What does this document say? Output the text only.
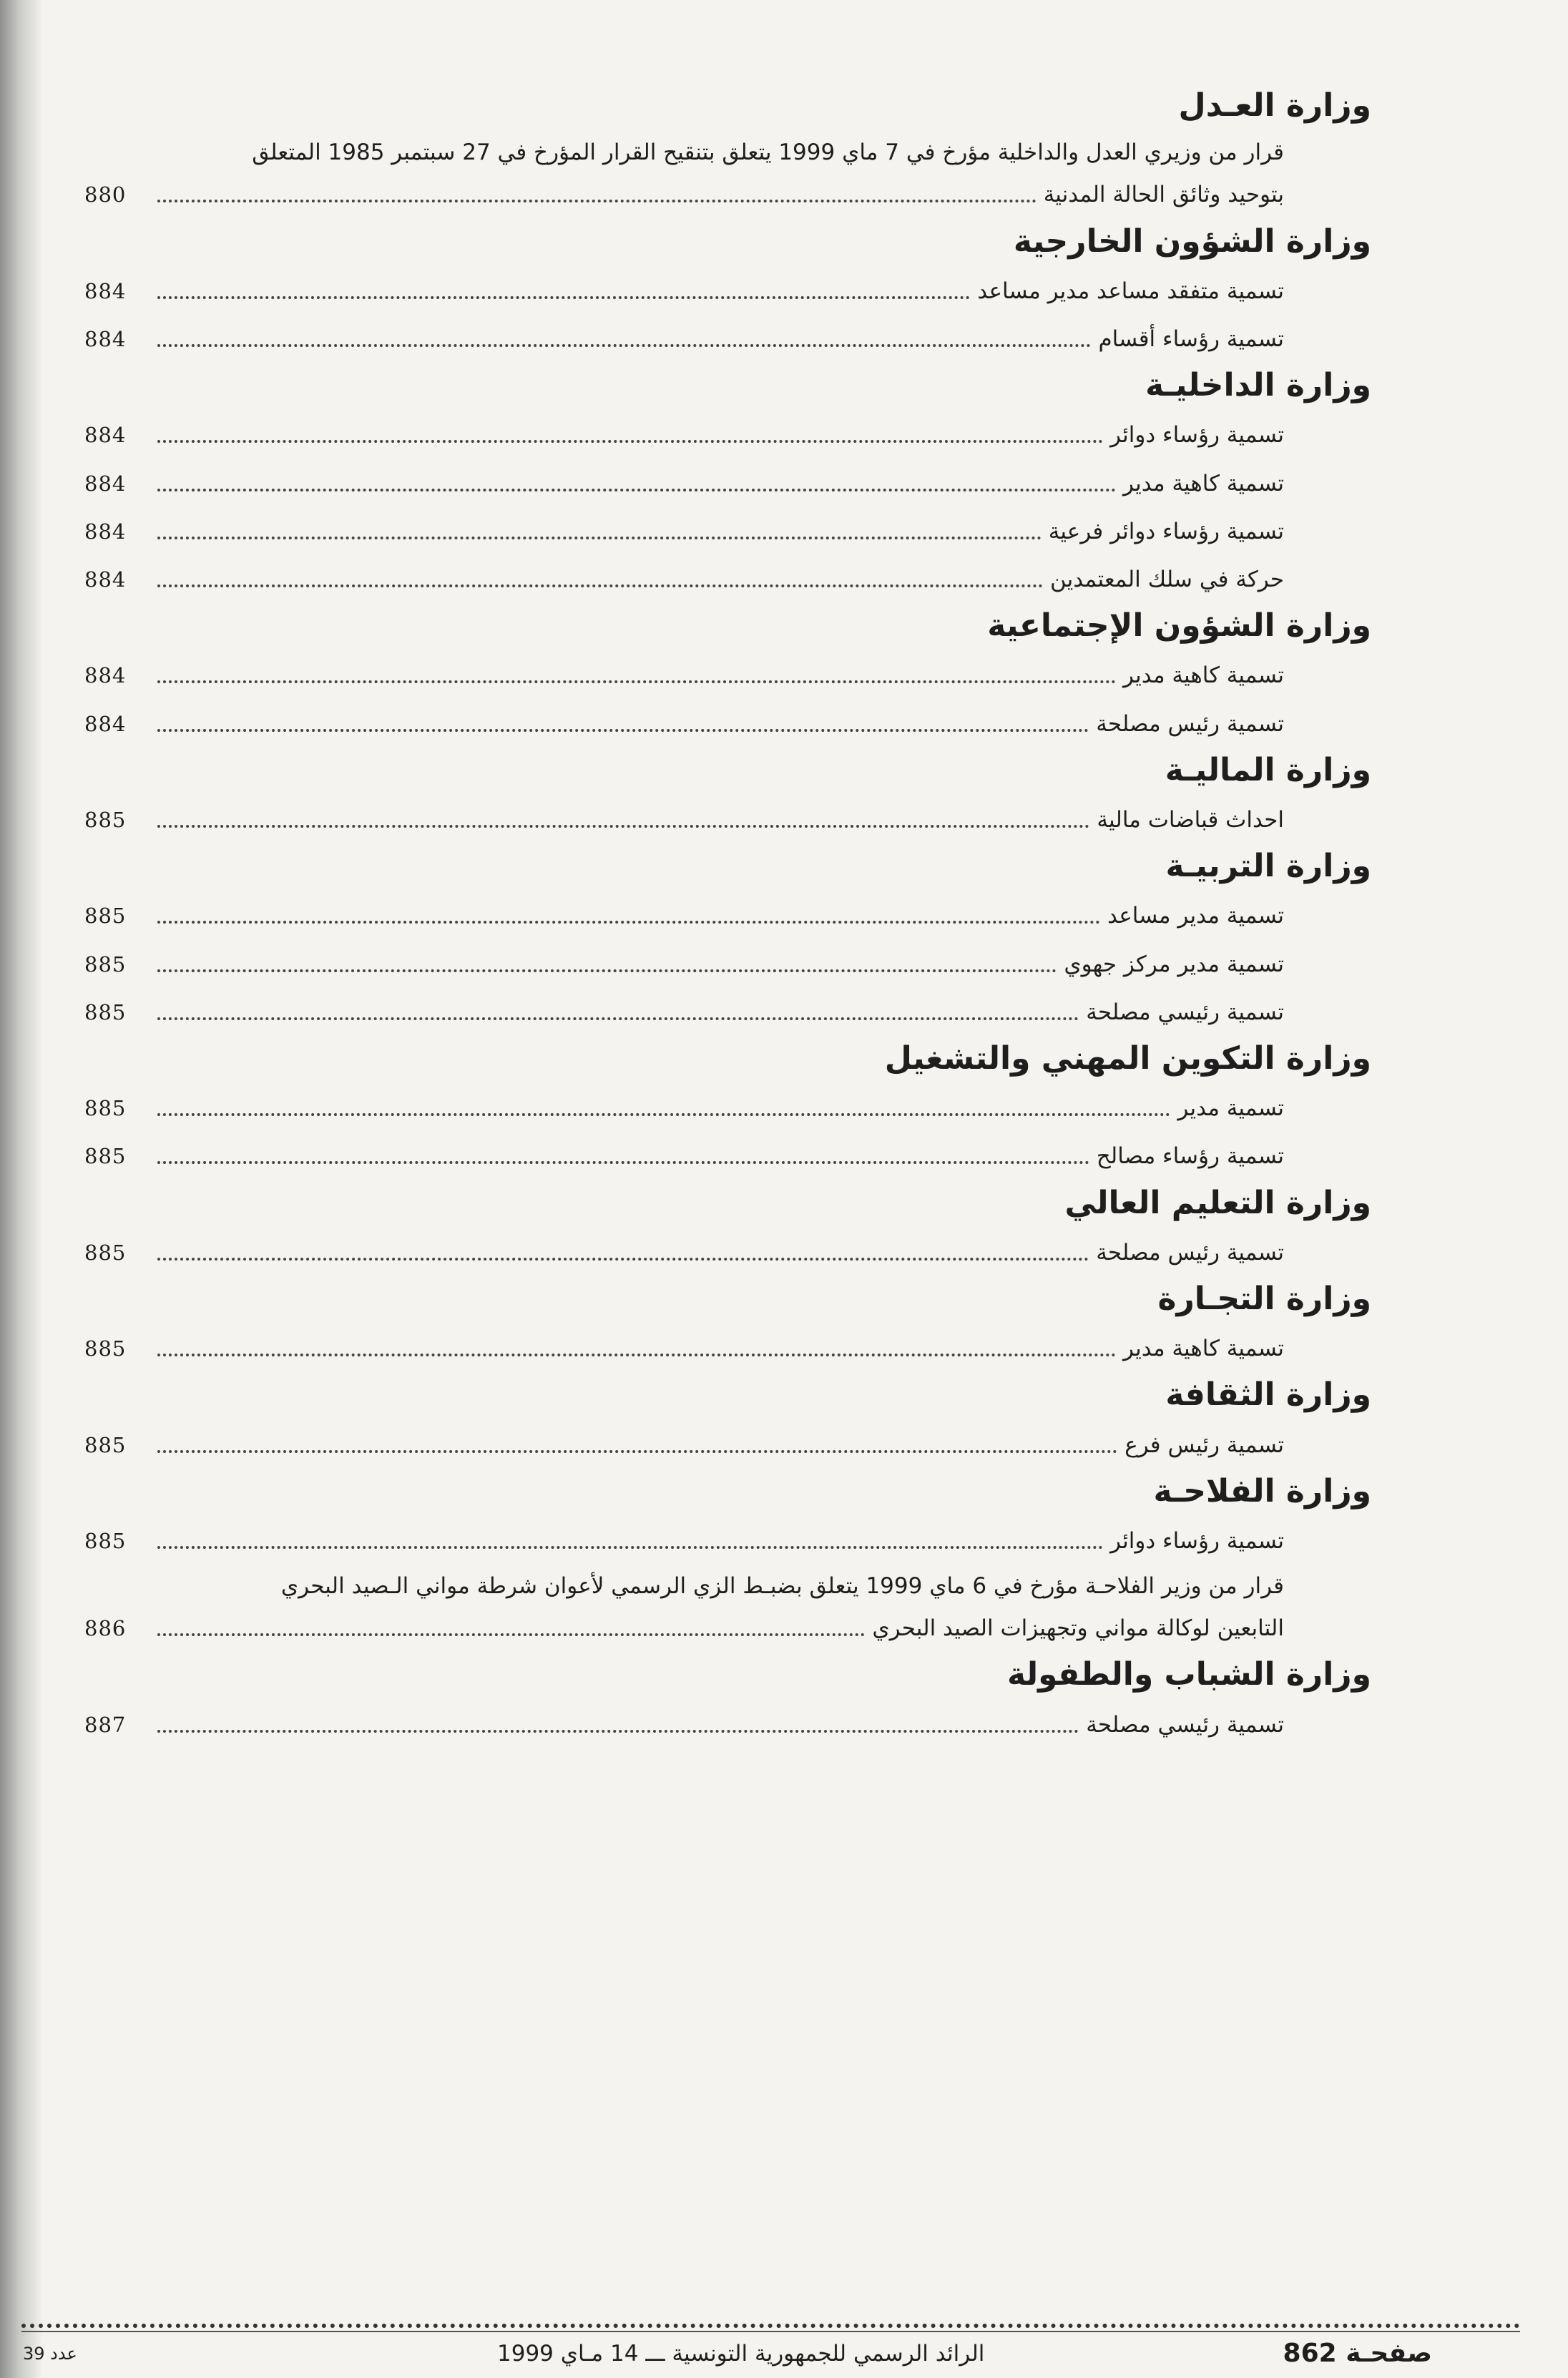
وزارة العـدل
قرار من وزيري العدل والداخلية مؤرخ في 7 ماي 1999 يتعلق بتنقيح القرار المؤرخ في 27 سبتمبر 1985 المتعلق
بتوحيد وثائق الحالة المدنية
880
وزارة الشؤون الخارجية
تسمية متفقد مساعد مدير مساعد
884
تسمية رؤساء أقسام
884
وزارة الداخليـة
تسمية رؤساء دوائر
884
تسمية كاهية مدير
884
تسمية رؤساء دوائر فرعية
884
حركة في سلك المعتمدين
884
وزارة الشؤون الإجتماعية
تسمية كاهية مدير
884
تسمية رئيس مصلحة
884
وزارة الماليـة
احداث قباضات مالية
885
وزارة التربيـة
تسمية مدير مساعد
885
تسمية مدير مركز جهوي
885
تسمية رئيسي مصلحة
885
وزارة التكوين المهني والتشغيل
تسمية مدير
885
تسمية رؤساء مصالح
885
وزارة التعليم العالي
تسمية رئيس مصلحة
885
وزارة التجـارة
تسمية كاهية مدير
885
وزارة الثقافة
تسمية رئيس فرع
885
وزارة الفلاحـة
تسمية رؤساء دوائر
885
قرار من وزير الفلاحـة مؤرخ في 6 ماي 1999 يتعلق بضبـط الزي الرسمي لأعوان شرطة مواني الـصيد البحري
التابعين لوكالة مواني وتجهيزات الصيد البحري
886
وزارة الشباب والطفولة
تسمية رئيسي مصلحة
887
صفحـة 862
الرائد الرسمي للجمهورية التونسية ـــ 14 مـاي 1999
عدد 39
